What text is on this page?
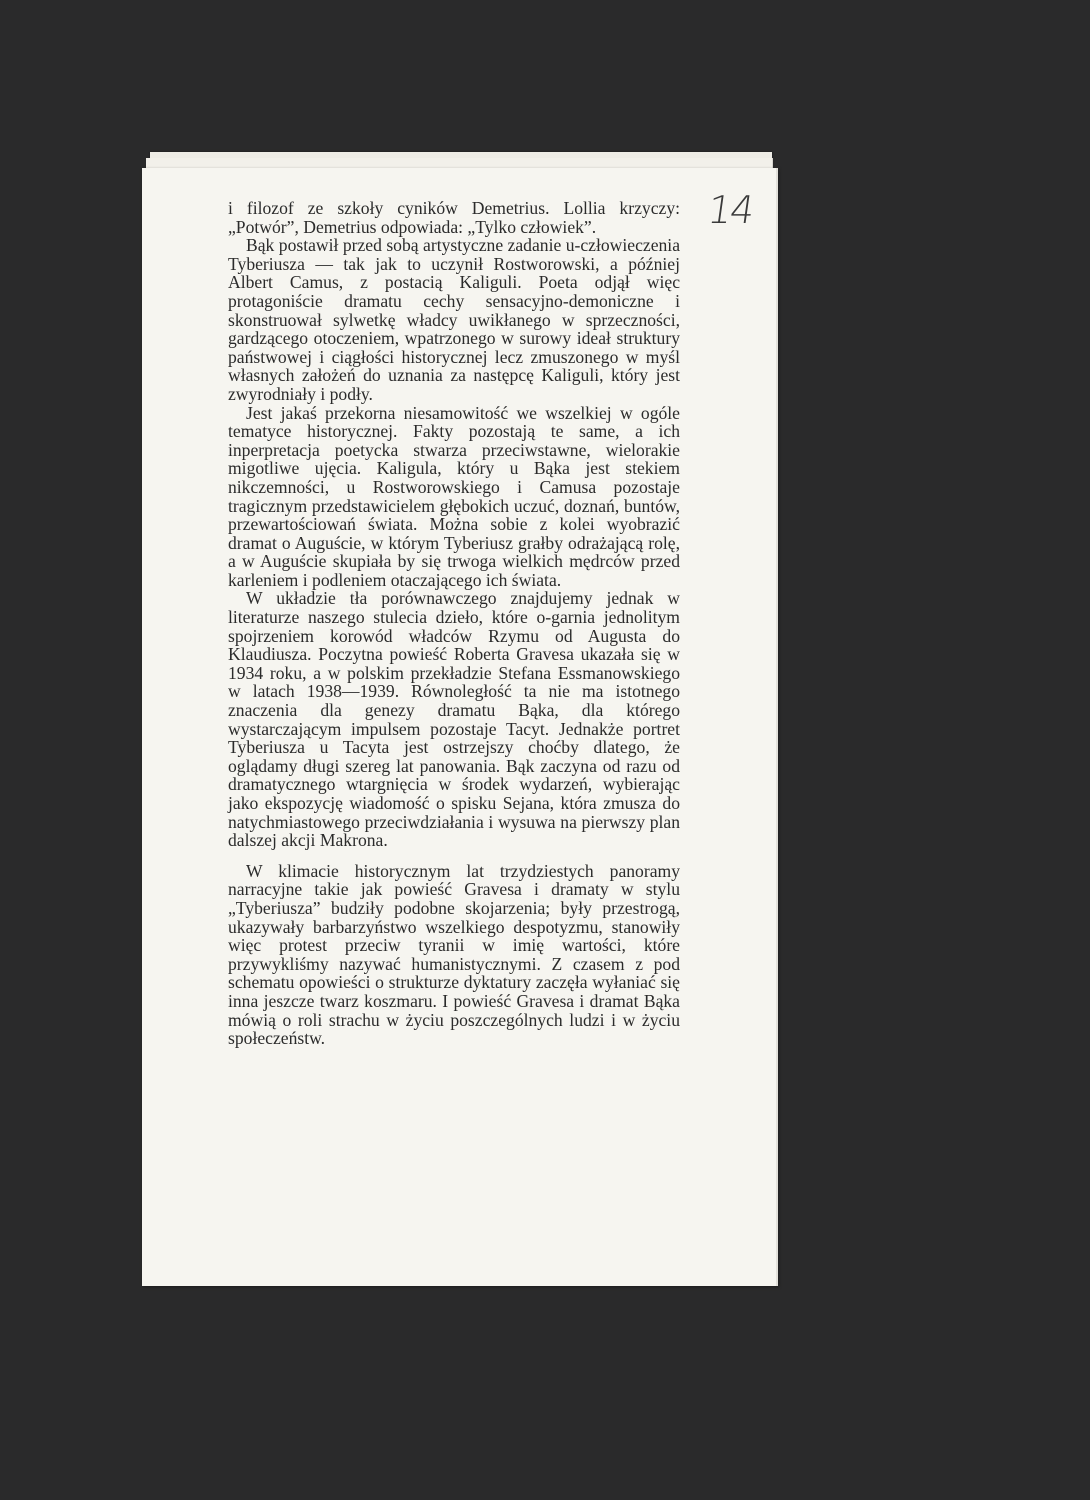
14

i filozof ze szkoły cyników Demetrius. Lollia krzyczy: „Potwór”, Demetrius odpowiada: „Tylko człowiek”.

Bąk postawił przed sobą artystyczne zadanie u-człowieczenia Tyberiusza — tak jak to uczynił Rostworowski, a później Albert Camus, z postacią Kaliguli. Poeta odjął więc protagoniście dramatu cechy sensacyjno-demoniczne i skonstruował sylwetkę władcy uwikłanego w sprzeczności, gardzącego otoczeniem, wpatrzonego w surowy ideał struktury państwowej i ciągłości historycznej lecz zmuszonego w myśl własnych założeń do uznania za następcę Kaliguli, który jest zwyrodniały i podły.

Jest jakaś przekorna niesamowitość we wszelkiej w ogóle tematyce historycznej. Fakty pozostają te same, a ich inperpretacja poetycka stwarza przeciwstawne, wielorakie migotliwe ujęcia. Kaligula, który u Bąka jest stekiem nikczemności, u Rostworowskiego i Camusa pozostaje tragicznym przedstawicielem głębokich uczuć, doznań, buntów, przewartościowań świata. Można sobie z kolei wyobrazić dramat o Auguście, w którym Tyberiusz grałby odrażającą rolę, a w Auguście skupiała by się trwoga wielkich mędrców przed karleniem i podleniem otaczającego ich świata.

W układzie tła porównawczego znajdujemy jednak w literaturze naszego stulecia dzieło, które o-garnia jednolitym spojrzeniem korowód władców Rzymu od Augusta do Klaudiusza. Poczytna powieść Roberta Gravesa ukazała się w 1934 roku, a w polskim przekładzie Stefana Essmanowskiego w latach 1938—1939. Równoległość ta nie ma istotnego znaczenia dla genezy dramatu Bąka, dla którego wystarczającym impulsem pozostaje Tacyt. Jednakże portret Tyberiusza u Tacyta jest ostrzejszy choćby dlatego, że oglądamy długi szereg lat panowania. Bąk zaczyna od razu od dramatycznego wtargnięcia w środek wydarzeń, wybierając jako ekspozycję wiadomość o spisku Sejana, która zmusza do natychmiastowego przeciwdziałania i wysuwa na pierwszy plan dalszej akcji Makrona.

W klimacie historycznym lat trzydziestych panoramy narracyjne takie jak powieść Gravesa i dramaty w stylu „Tyberiusza” budziły podobne skojarzenia; były przestrogą, ukazywały barbarzyństwo wszelkiego despotyzmu, stanowiły więc protest przeciw tyranii w imię wartości, które przywykliśmy nazywać humanistycznymi. Z czasem z pod schematu opowieści o strukturze dyktatury zaczęła wyłaniać się inna jeszcze twarz koszmaru. I powieść Gravesa i dramat Bąka mówią o roli strachu w życiu poszczególnych ludzi i w życiu społeczeństw.
